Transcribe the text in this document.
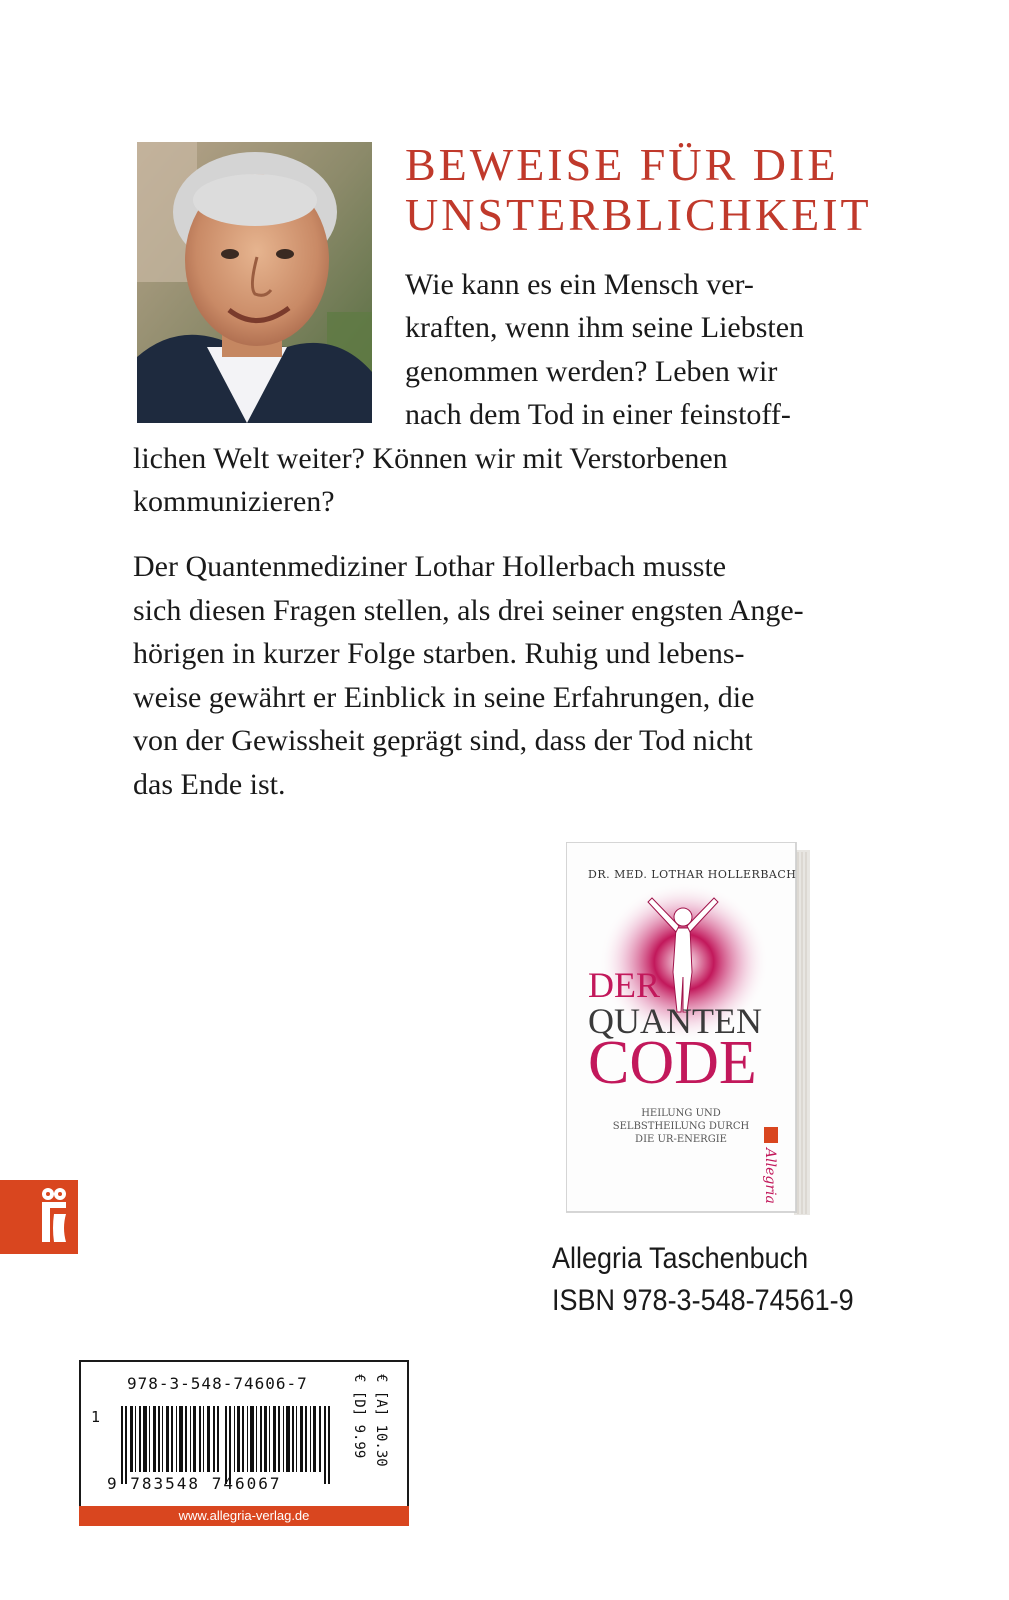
BEWEISE FÜR DIE
UNSTERBLICHKEIT
Wie kann es ein Mensch ver-
kraften, wenn ihm seine Liebsten
genommen werden? Leben wir
nach dem Tod in einer feinstoff-
lichen Welt weiter? Können wir mit Verstorbenen
kommunizieren?
Der Quantenmediziner Lothar Hollerbach musste
sich diesen Fragen stellen, als drei seiner engsten Ange-
hörigen in kurzer Folge starben. Ruhig und lebens-
weise gewährt er Einblick in seine Erfahrungen, die
von der Gewissheit geprägt sind, dass der Tod nicht
das Ende ist.
DR. MED. LOTHAR HOLLERBACH
DER
QUANTEN
CODE
HEILUNG UND
SELBSTHEILUNG DURCH
DIE UR-ENERGIE
Allegria
Allegria Taschenbuch
ISBN 978-3-548-74561-9
978-3-548-74606-7
1
9 783548 746067
€ [D] 9.99 € [A] 10.30
www.allegria-verlag.de
